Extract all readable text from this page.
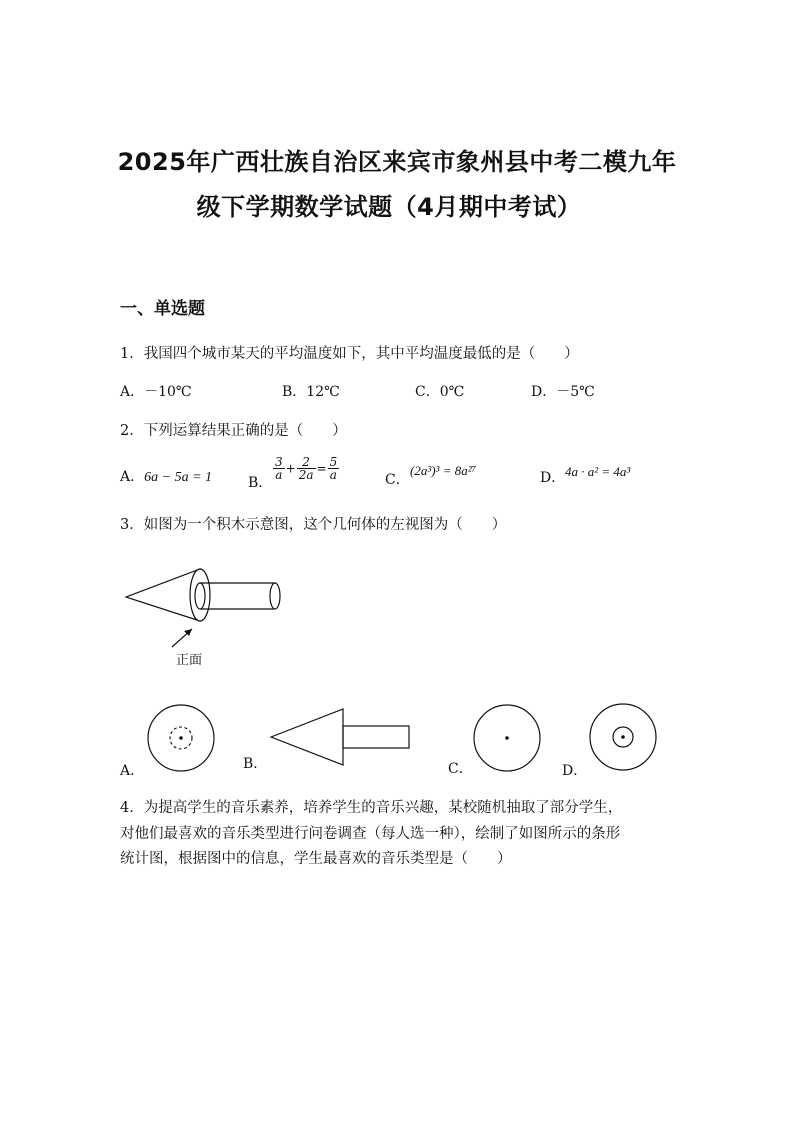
2025年广西壮族自治区来宾市象州县中考二模九年
级下学期数学试题（4月期中考试）
一、单选题
1．我国四个城市某天的平均温度如下，其中平均温度最低的是（　　）
A．－10℃	B．12℃	C．0℃	D．－5℃
2．下列运算结果正确的是（　　）
A．6a − 5a = 1	B．
$\frac{3}{a} + \frac{2}{2a} = \frac{5}{a}$	C．
(2a³)³ = 8a²⁷	D． 4a · a² = 4a³
3．如图为一个积木示意图，这个几何体的左视图为（　　）
正面
A．	B．	C．	D．
4．为提高学生的音乐素养，培养学生的音乐兴趣，某校随机抽取了部分学生，
对他们最喜欢的音乐类型进行问卷调查（每人选一种），绘制了如图所示的条形
统计图，根据图中的信息，学生最喜欢的音乐类型是（　　）
